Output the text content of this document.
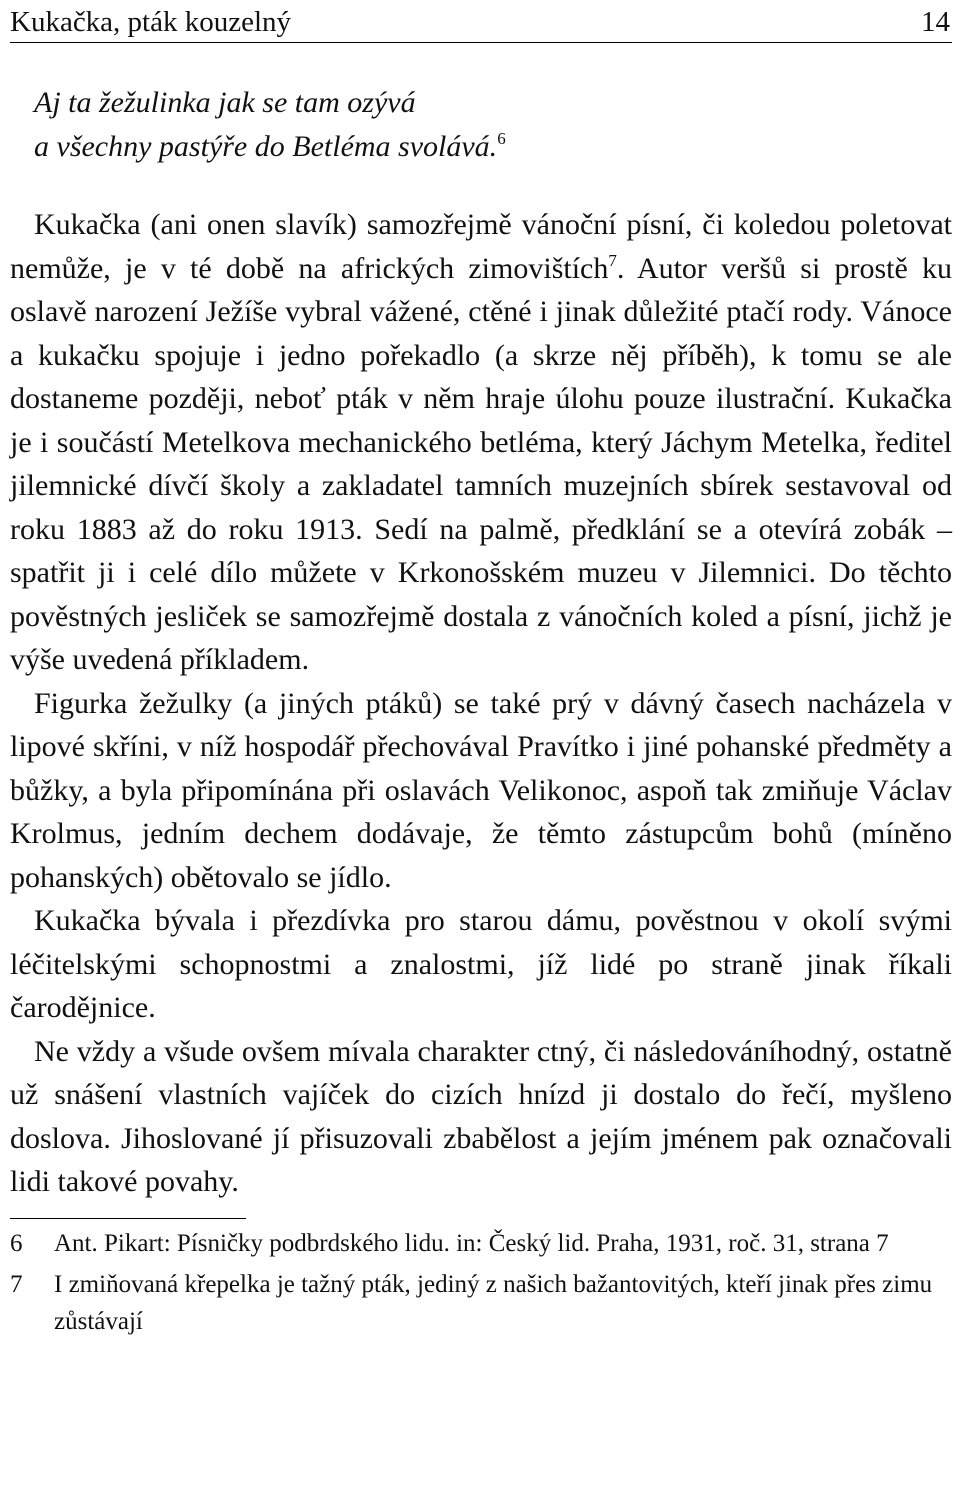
Kukačka, pták kouzelný	14

Aj ta žežulinka jak se tam ozývá

a všechny pastýře do Betléma svolává.$^6$

Kukačka (ani onen slavík) samozřejmě vánoční písní, či koledou poletovat nemůže, je v té době na afrických zimovištích$^7$. Autor veršů si prostě ku oslavě narození Ježíše vybral vážené, ctěné i jinak důležité ptačí rody. Vánoce a kukačku spojuje i jedno pořekadlo (a skrze něj příběh), k tomu se ale dostaneme později, neboť pták v něm hraje úlohu pouze ilustrační. Kukačka je i součástí Metelkova mechanického betléma, který Jáchym Metelka, ředitel jilemnické dívčí školy a zakladatel tamních muzejních sbírek sestavoval od roku 1883 až do roku 1913. Sedí na palmě, předklání se a otevírá zobák – spatřit ji i celé dílo můžete v Krkonošském muzeu v Jilemnici. Do těchto pověstných jesliček se samozřejmě dostala z vánočních koled a písní, jichž je výše uvedená příkladem.

Figurka žežulky (a jiných ptáků) se také prý v dávný časech nacházela v lipové skříni, v níž hospodář přechovával Pravítko i jiné pohanské předměty a bůžky, a byla připomínána při oslavách Velikonoc, aspoň tak zmiňuje Václav Krolmus, jedním dechem dodávaje, že těmto zástupcům bohů (míněno pohanských) obětovalo se jídlo.

Kukačka bývala i přezdívka pro starou dámu, pověstnou v okolí svými léčitelskými schopnostmi a znalostmi, jíž lidé po straně jinak říkali čarodějnice.

Ne vždy a všude ovšem mívala charakter ctný, či následováníhodný, ostatně už snášení vlastních vajíček do cizích hnízd ji dostalo do řečí, myšleno doslova. Jihoslované jí přisuzovali zbabělost a jejím jménem pak označovali lidi takové povahy.

6	Ant. Pikart: Písničky podbrdského lidu. in: Český lid. Praha, 1931, roč. 31, strana 7
7	I zmiňovaná křepelka je tažný pták, jediný z našich bažantovitých, kteří jinak přes zimu zůstávají
